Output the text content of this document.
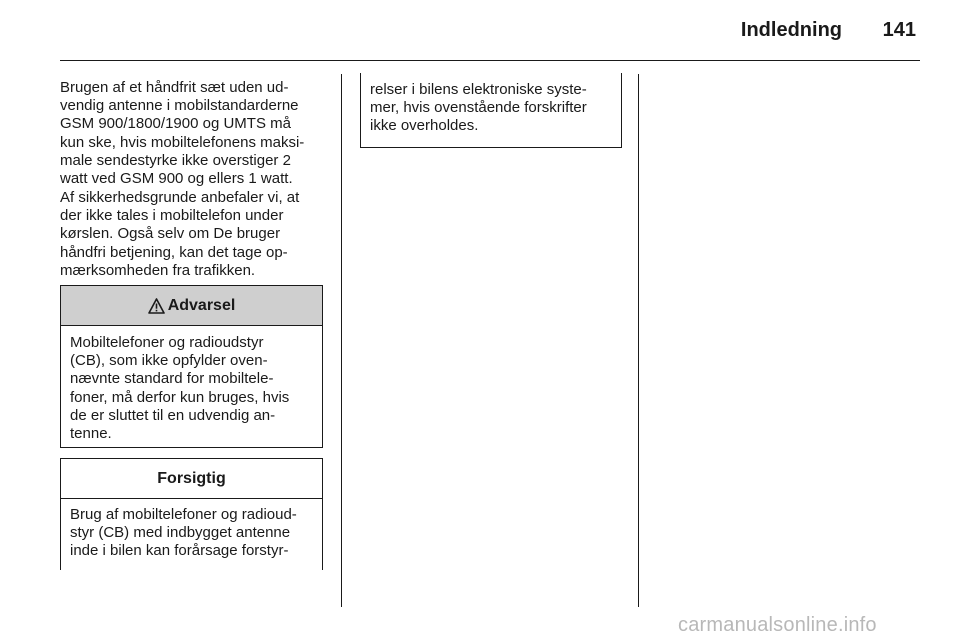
Indledning 141

Brugen af et håndfrit sæt uden ud-
vendig antenne i mobilstandarderne
GSM 900/1800/1900 og UMTS må
kun ske, hvis mobiltelefonens maksi-
male sendestyrke ikke overstiger 2
watt ved GSM 900 og ellers 1 watt.

Af sikkerhedsgrunde anbefaler vi, at
der ikke tales i mobiltelefon under
kørslen. Også selv om De bruger
håndfri betjening, kan det tage op-
mærksomheden fra trafikken.

Advarsel
Mobiltelefoner og radioudstyr
(CB), som ikke opfylder oven-
nævnte standard for mobiltele-
foner, må derfor kun bruges, hvis
de er sluttet til en udvendig an-
tenne.
Forsigtig
Brug af mobiltelefoner og radioud-
styr (CB) med indbygget antenne
inde i bilen kan forårsage forstyr-
relser i bilens elektroniske syste-
mer, hvis ovenstående forskrifter
ikke overholdes.
carmanualsonline.info
